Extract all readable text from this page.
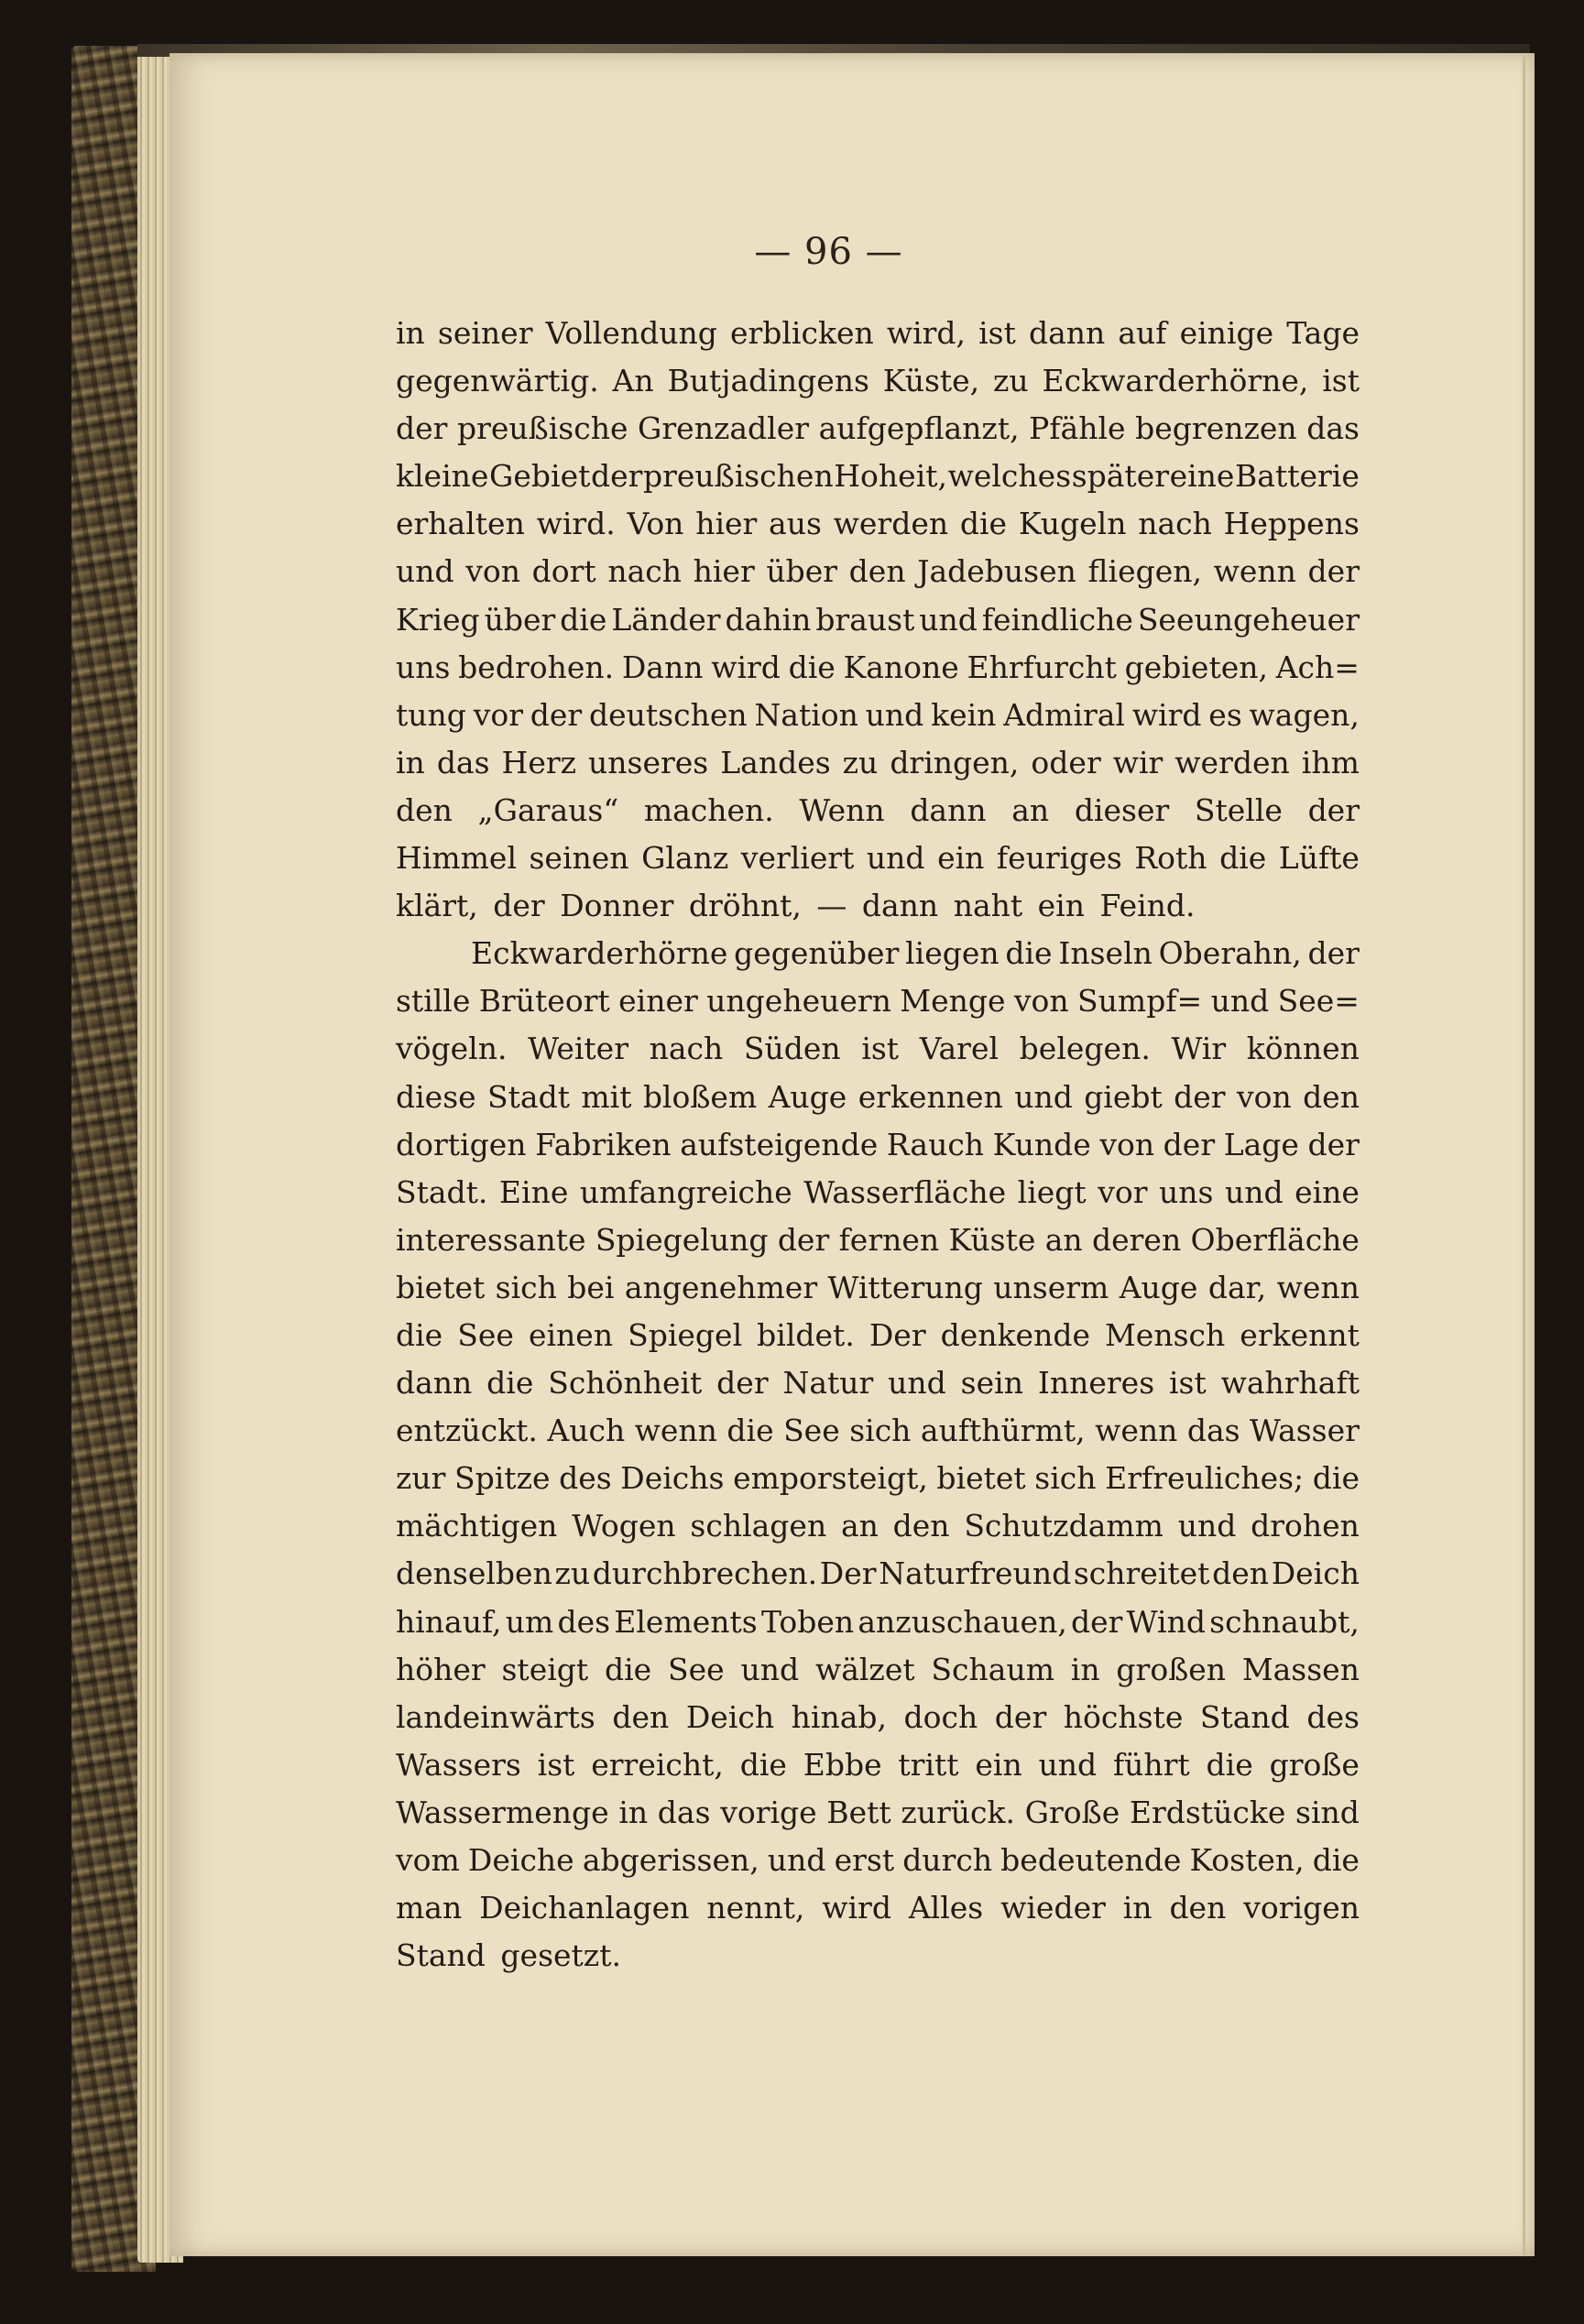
— 96 —
in seiner Vollendung erblicken wird, ist dann auf einige Tage
gegenwärtig. An Butjadingens Küste, zu Eckwarderhörne, ist
der preußische Grenzadler aufgepflanzt, Pfähle begrenzen das
kleine Gebiet der preußischen Hoheit, welches später eine Batterie
erhalten wird. Von hier aus werden die Kugeln nach Heppens
und von dort nach hier über den Jadebusen fliegen, wenn der
Krieg über die Länder dahin braust und feindliche Seeungeheuer
uns bedrohen. Dann wird die Kanone Ehrfurcht gebieten, Ach=
tung vor der deutschen Nation und kein Admiral wird es wagen,
in das Herz unseres Landes zu dringen, oder wir werden ihm
den „Garaus“ machen. Wenn dann an dieser Stelle der
Himmel seinen Glanz verliert und ein feuriges Roth die Lüfte
klärt, der Donner dröhnt, — dann naht ein Feind.
Eckwarderhörne gegenüber liegen die Inseln Oberahn, der
stille Brüteort einer ungeheuern Menge von Sumpf= und See=
vögeln. Weiter nach Süden ist Varel belegen. Wir können
diese Stadt mit bloßem Auge erkennen und giebt der von den
dortigen Fabriken aufsteigende Rauch Kunde von der Lage der
Stadt. Eine umfangreiche Wasserfläche liegt vor uns und eine
interessante Spiegelung der fernen Küste an deren Oberfläche
bietet sich bei angenehmer Witterung unserm Auge dar, wenn
die See einen Spiegel bildet. Der denkende Mensch erkennt
dann die Schönheit der Natur und sein Inneres ist wahrhaft
entzückt. Auch wenn die See sich aufthürmt, wenn das Wasser
zur Spitze des Deichs emporsteigt, bietet sich Erfreuliches; die
mächtigen Wogen schlagen an den Schutzdamm und drohen
denselben zu durchbrechen. Der Naturfreund schreitet den Deich
hinauf, um des Elements Toben anzuschauen, der Wind schnaubt,
höher steigt die See und wälzet Schaum in großen Massen
landeinwärts den Deich hinab, doch der höchste Stand des
Wassers ist erreicht, die Ebbe tritt ein und führt die große
Wassermenge in das vorige Bett zurück. Große Erdstücke sind
vom Deiche abgerissen, und erst durch bedeutende Kosten, die
man Deichanlagen nennt, wird Alles wieder in den vorigen
Stand gesetzt.
